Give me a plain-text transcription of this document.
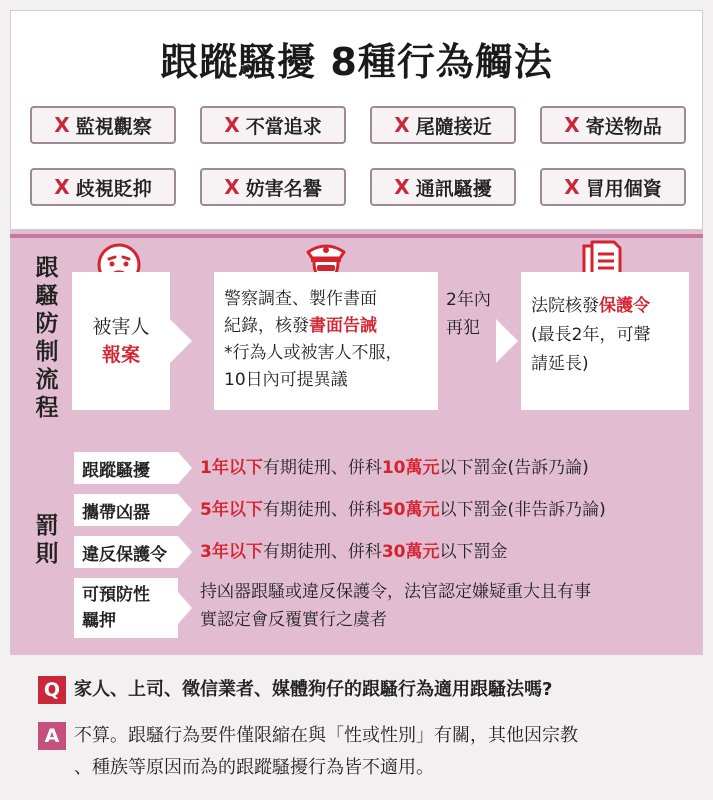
跟蹤騷擾 8種行為觸法
X 監視觀察	X 不當追求	X 尾隨接近	X 寄送物品
X 歧視貶抑	X 妨害名譽	X 通訊騷擾	X 冒用個資
跟騷防制流程
被害人
報案
警察調查、製作書面
紀錄，核發書面告誡
*行為人或被害人不服，
10日內可提異議
2年內
再犯
法院核發保護令
(最長2年，可聲
請延長)
罰則
跟蹤騷擾	1年以下有期徒刑、併科10萬元以下罰金(告訴乃論)
攜帶凶器	5年以下有期徒刑、併科50萬元以下罰金(非告訴乃論)
違反保護令	3年以下有期徒刑、併科30萬元以下罰金
可預防性
羈押
持凶器跟騷或違反保護令，法官認定嫌疑重大且有事
實認定會反覆實行之虞者
Q 家人、上司、徵信業者、媒體狗仔的跟騷行為適用跟騷法嗎?
A 不算。跟騷行為要件僅限縮在與「性或性別」有關，其他因宗教
、種族等原因而為的跟蹤騷擾行為皆不適用。
